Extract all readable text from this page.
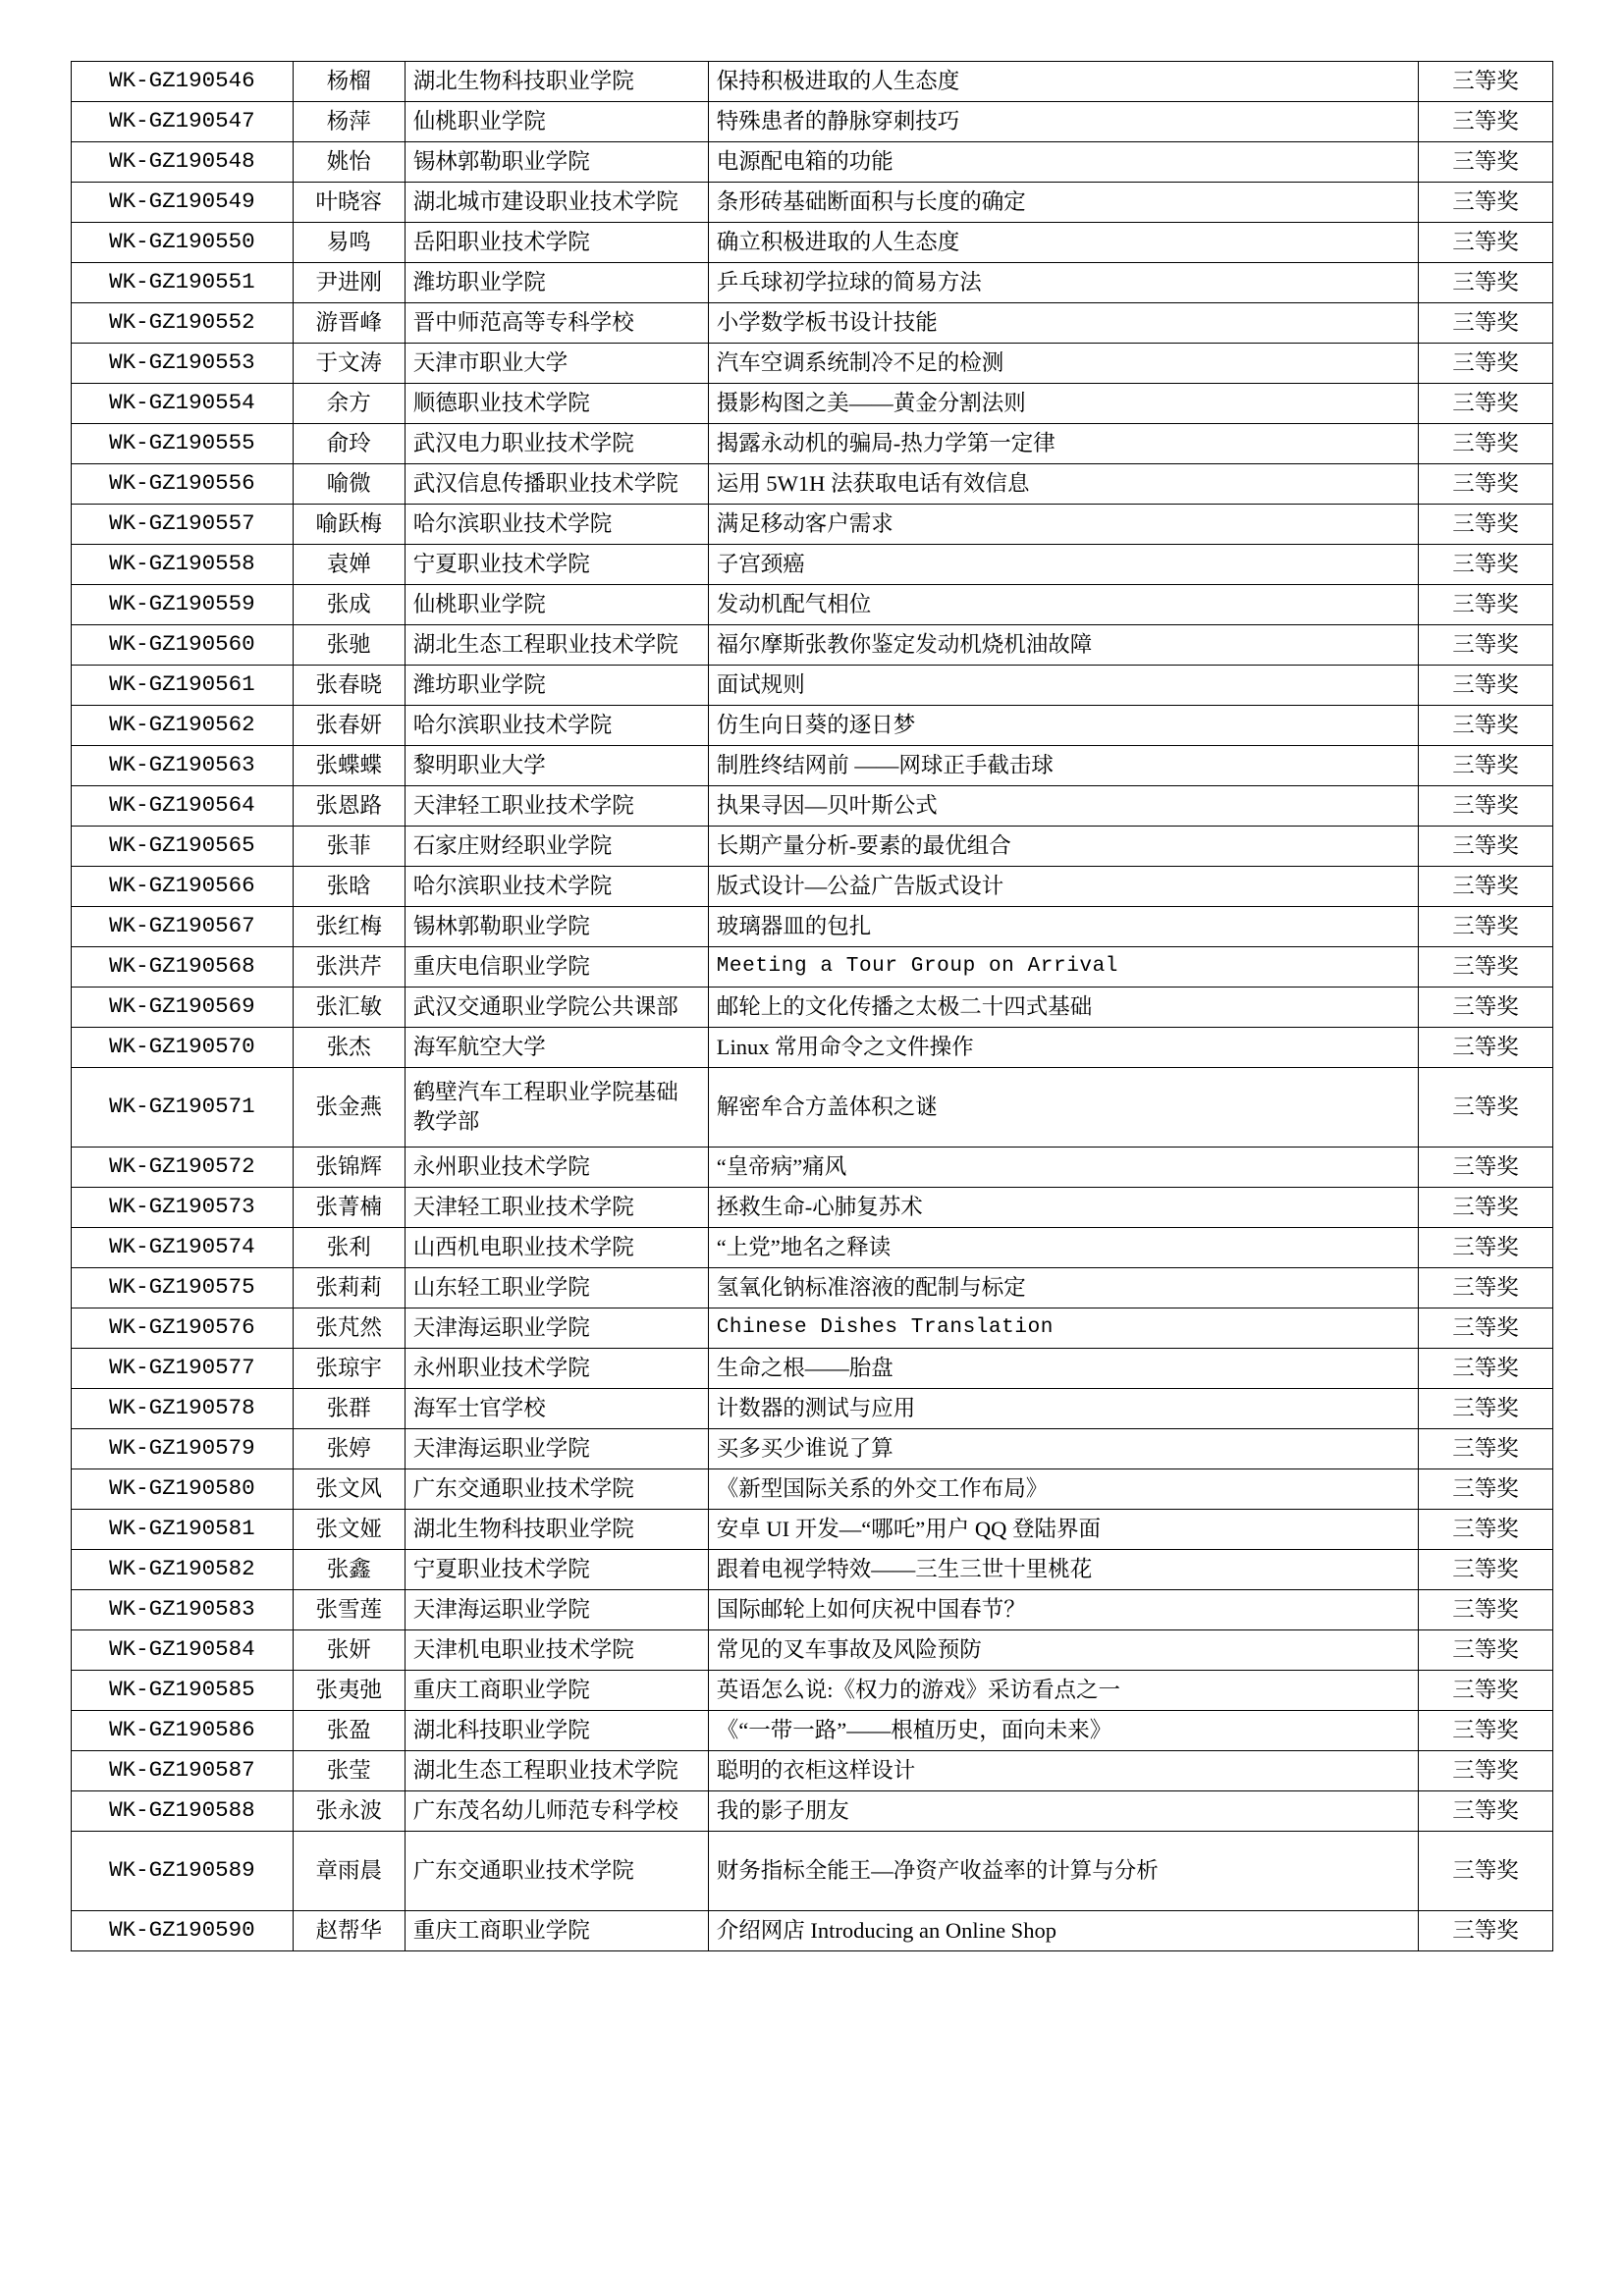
WK-GZ190546	杨榴	湖北生物科技职业学院	保持积极进取的人生态度	三等奖
WK-GZ190547	杨萍	仙桃职业学院	特殊患者的静脉穿刺技巧	三等奖
WK-GZ190548	姚怡	锡林郭勒职业学院	电源配电箱的功能	三等奖
WK-GZ190549	叶晓容	湖北城市建设职业技术学院	条形砖基础断面积与长度的确定	三等奖
WK-GZ190550	易鸣	岳阳职业技术学院	确立积极进取的人生态度	三等奖
WK-GZ190551	尹进刚	潍坊职业学院	乒乓球初学拉球的简易方法	三等奖
WK-GZ190552	游晋峰	晋中师范高等专科学校	小学数学板书设计技能	三等奖
WK-GZ190553	于文涛	天津市职业大学	汽车空调系统制冷不足的检测	三等奖
WK-GZ190554	余方	顺德职业技术学院	摄影构图之美——黄金分割法则	三等奖
WK-GZ190555	俞玲	武汉电力职业技术学院	揭露永动机的骗局-热力学第一定律	三等奖
WK-GZ190556	喻微	武汉信息传播职业技术学院	运用 5W1H 法获取电话有效信息	三等奖
WK-GZ190557	喻跃梅	哈尔滨职业技术学院	满足移动客户需求	三等奖
WK-GZ190558	袁婵	宁夏职业技术学院	子宫颈癌	三等奖
WK-GZ190559	张成	仙桃职业学院	发动机配气相位	三等奖
WK-GZ190560	张驰	湖北生态工程职业技术学院	福尔摩斯张教你鉴定发动机烧机油故障	三等奖
WK-GZ190561	张春晓	潍坊职业学院	面试规则	三等奖
WK-GZ190562	张春妍	哈尔滨职业技术学院	仿生向日葵的逐日梦	三等奖
WK-GZ190563	张蝶蝶	黎明职业大学	制胜终结网前 ——网球正手截击球	三等奖
WK-GZ190564	张恩路	天津轻工职业技术学院	执果寻因—贝叶斯公式	三等奖
WK-GZ190565	张菲	石家庄财经职业学院	长期产量分析-要素的最优组合	三等奖
WK-GZ190566	张晗	哈尔滨职业技术学院	版式设计—公益广告版式设计	三等奖
WK-GZ190567	张红梅	锡林郭勒职业学院	玻璃器皿的包扎	三等奖
WK-GZ190568	张洪芹	重庆电信职业学院	Meeting a Tour Group on Arrival	三等奖
WK-GZ190569	张汇敏	武汉交通职业学院公共课部	邮轮上的文化传播之太极二十四式基础	三等奖
WK-GZ190570	张杰	海军航空大学	Linux 常用命令之文件操作	三等奖
WK-GZ190571	张金燕	鹤壁汽车工程职业学院基础教学部	解密牟合方盖体积之谜	三等奖
WK-GZ190572	张锦辉	永州职业技术学院	“皇帝病”痛风	三等奖
WK-GZ190573	张菁楠	天津轻工职业技术学院	拯救生命-心肺复苏术	三等奖
WK-GZ190574	张利	山西机电职业技术学院	“上党”地名之释读	三等奖
WK-GZ190575	张莉莉	山东轻工职业学院	氢氧化钠标准溶液的配制与标定	三等奖
WK-GZ190576	张芃然	天津海运职业学院	Chinese Dishes Translation	三等奖
WK-GZ190577	张琼宇	永州职业技术学院	生命之根——胎盘	三等奖
WK-GZ190578	张群	海军士官学校	计数器的测试与应用	三等奖
WK-GZ190579	张婷	天津海运职业学院	买多买少谁说了算	三等奖
WK-GZ190580	张文风	广东交通职业技术学院	《新型国际关系的外交工作布局》	三等奖
WK-GZ190581	张文娅	湖北生物科技职业学院	安卓 UI 开发—“哪吒”用户 QQ 登陆界面	三等奖
WK-GZ190582	张鑫	宁夏职业技术学院	跟着电视学特效——三生三世十里桃花	三等奖
WK-GZ190583	张雪莲	天津海运职业学院	国际邮轮上如何庆祝中国春节？	三等奖
WK-GZ190584	张妍	天津机电职业技术学院	常见的叉车事故及风险预防	三等奖
WK-GZ190585	张夷弛	重庆工商职业学院	英语怎么说:《权力的游戏》采访看点之一	三等奖
WK-GZ190586	张盈	湖北科技职业学院	《“一带一路”——根植历史，面向未来》	三等奖
WK-GZ190587	张莹	湖北生态工程职业技术学院	聪明的衣柜这样设计	三等奖
WK-GZ190588	张永波	广东茂名幼儿师范专科学校	我的影子朋友	三等奖
WK-GZ190589	章雨晨	广东交通职业技术学院	财务指标全能王—净资产收益率的计算与分析	三等奖
WK-GZ190590	赵帮华	重庆工商职业学院	介绍网店 Introducing an Online Shop	三等奖
